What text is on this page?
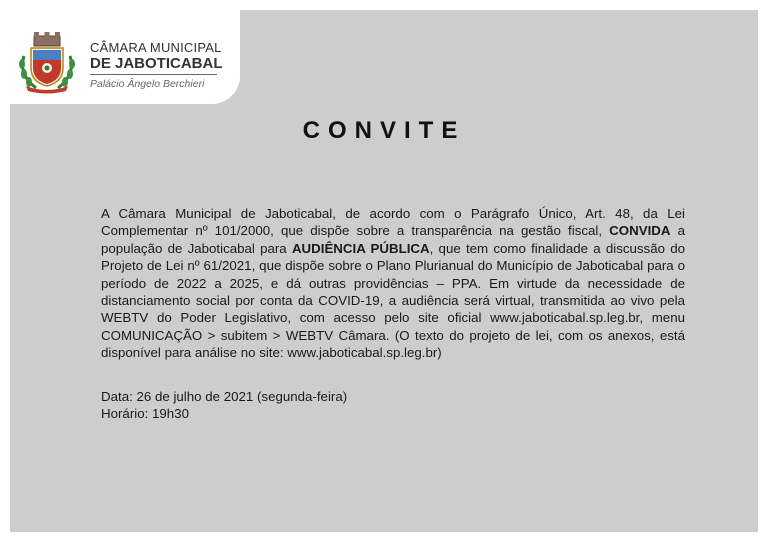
CÂMARA MUNICIPAL
DE JABOTICABAL
Palácio Ângelo Berchieri
CONVITE
A Câmara Municipal de Jaboticabal, de acordo com o Parágrafo Único, Art. 48, da Lei Complementar nº 101/2000, que dispõe sobre a transparência na gestão fiscal, CONVIDA a população de Jaboticabal para AUDIÊNCIA PÚBLICA, que tem como finalidade a discussão do Projeto de Lei nº 61/2021, que dispõe sobre o Plano Plurianual do Município de Jaboticabal para o período de 2022 a 2025, e dá outras providências – PPA. Em virtude da necessidade de distanciamento social por conta da COVID-19, a audiência será virtual, transmitida ao vivo pela WEBTV do Poder Legislativo, com acesso pelo site oficial www.jaboticabal.sp.leg.br, menu COMUNICAÇÃO > subitem > WEBTV Câmara. (O texto do projeto de lei, com os anexos, está disponível para análise no site: www.jaboticabal.sp.leg.br)
Data: 26 de julho de 2021 (segunda-feira)
Horário: 19h30
